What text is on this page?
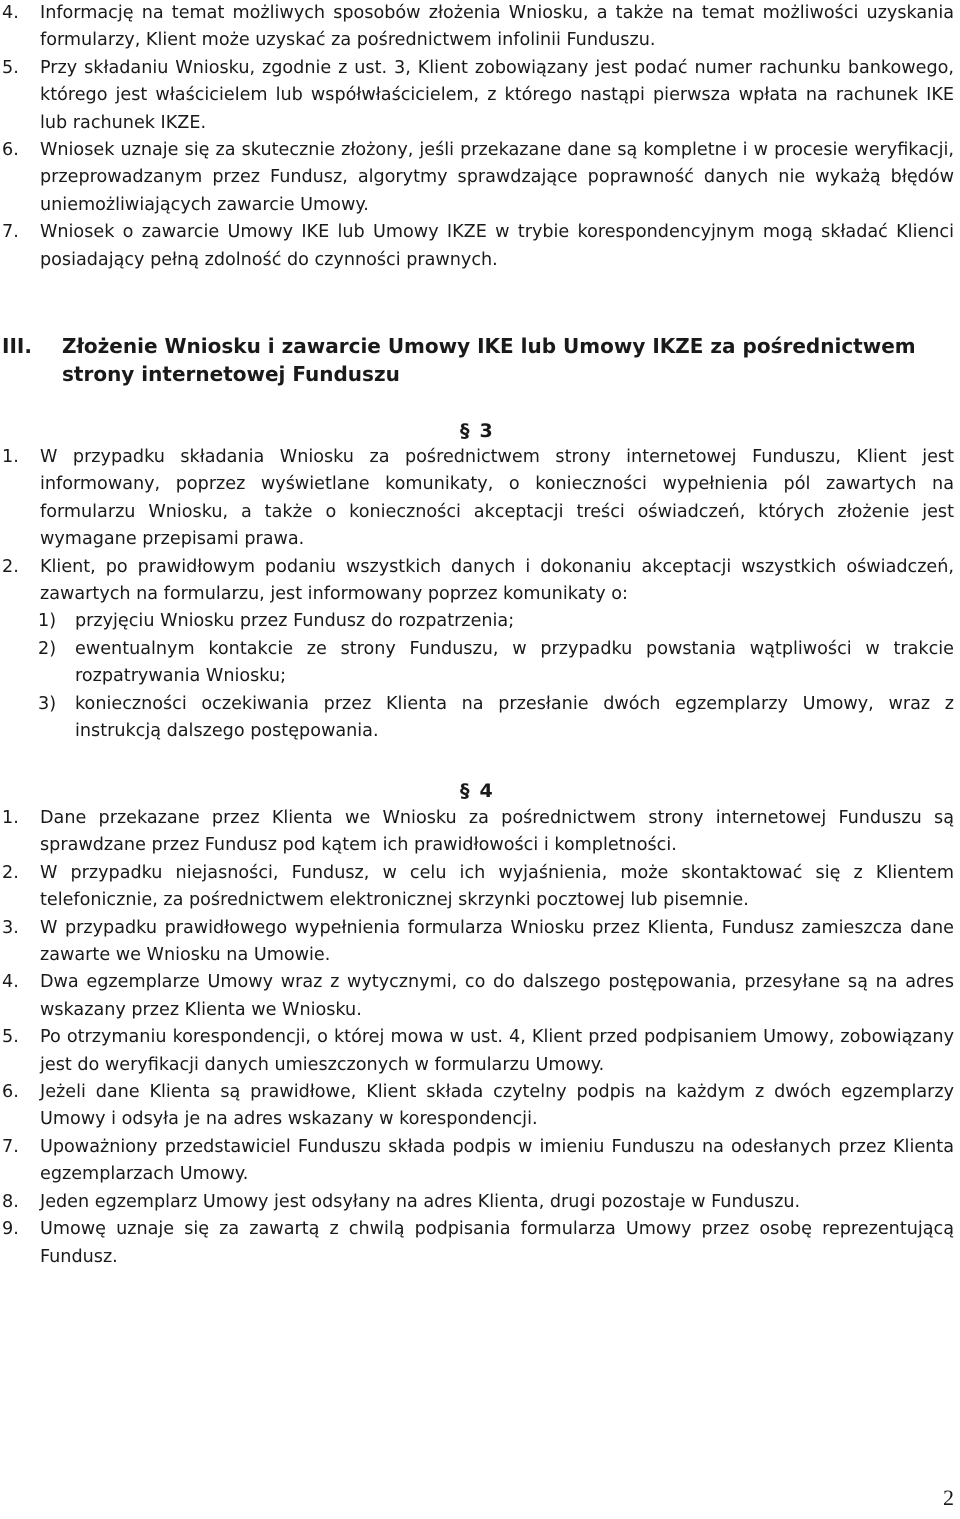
4.	Informację na temat możliwych sposobów złożenia Wniosku, a także na temat możliwości uzyskania formularzy, Klient może uzyskać za pośrednictwem infolinii Funduszu.
5.	Przy składaniu Wniosku, zgodnie z ust. 3, Klient zobowiązany jest podać numer rachunku bankowego, którego jest właścicielem lub współwłaścicielem, z którego nastąpi pierwsza wpłata na rachunek IKE lub rachunek IKZE.
6.	Wniosek uznaje się za skutecznie złożony, jeśli przekazane dane są kompletne i w procesie weryfikacji, przeprowadzanym przez Fundusz, algorytmy sprawdzające poprawność danych nie wykażą błędów uniemożliwiających zawarcie Umowy.
7.	Wniosek o zawarcie Umowy IKE lub Umowy IKZE w trybie korespondencyjnym mogą składać Klienci posiadający pełną zdolność do czynności prawnych.
III.	Złożenie Wniosku i zawarcie Umowy IKE lub Umowy IKZE za pośrednictwem strony internetowej Funduszu
§ 3
1.	W przypadku składania Wniosku za pośrednictwem strony internetowej Funduszu, Klient jest informowany, poprzez wyświetlane komunikaty, o konieczności wypełnienia pól zawartych na formularzu Wniosku, a także o konieczności akceptacji treści oświadczeń, których złożenie jest wymagane przepisami prawa.
2.	Klient, po prawidłowym podaniu wszystkich danych i dokonaniu akceptacji wszystkich oświadczeń, zawartych na formularzu, jest informowany poprzez komunikaty o:
1)	przyjęciu Wniosku przez Fundusz do rozpatrzenia;
2)	ewentualnym kontakcie ze strony Funduszu, w przypadku powstania wątpliwości w trakcie rozpatrywania Wniosku;
3)	konieczności oczekiwania przez Klienta na przesłanie dwóch egzemplarzy Umowy, wraz z instrukcją dalszego postępowania.
§ 4
1.	Dane przekazane przez Klienta we Wniosku za pośrednictwem strony internetowej Funduszu są sprawdzane przez Fundusz pod kątem ich prawidłowości i kompletności.
2.	W przypadku niejasności, Fundusz, w celu ich wyjaśnienia, może skontaktować się z Klientem telefonicznie, za pośrednictwem elektronicznej skrzynki pocztowej lub pisemnie.
3.	W przypadku prawidłowego wypełnienia formularza Wniosku przez Klienta, Fundusz zamieszcza dane zawarte we Wniosku na Umowie.
4.	Dwa egzemplarze Umowy wraz z wytycznymi, co do dalszego postępowania, przesyłane są na adres wskazany przez Klienta we Wniosku.
5.	Po otrzymaniu korespondencji, o której mowa w ust. 4, Klient przed podpisaniem Umowy, zobowiązany jest do weryfikacji danych umieszczonych w formularzu Umowy.
6.	Jeżeli dane Klienta są prawidłowe, Klient składa czytelny podpis na każdym z dwóch egzemplarzy Umowy i odsyła je na adres wskazany w korespondencji.
7.	Upoważniony przedstawiciel Funduszu składa podpis w imieniu Funduszu na odesłanych przez Klienta egzemplarzach Umowy.
8.	Jeden egzemplarz Umowy jest odsyłany na adres Klienta, drugi pozostaje w Funduszu.
9.	Umowę uznaje się za zawartą z chwilą podpisania formularza Umowy przez osobę reprezentującą Fundusz.
2
